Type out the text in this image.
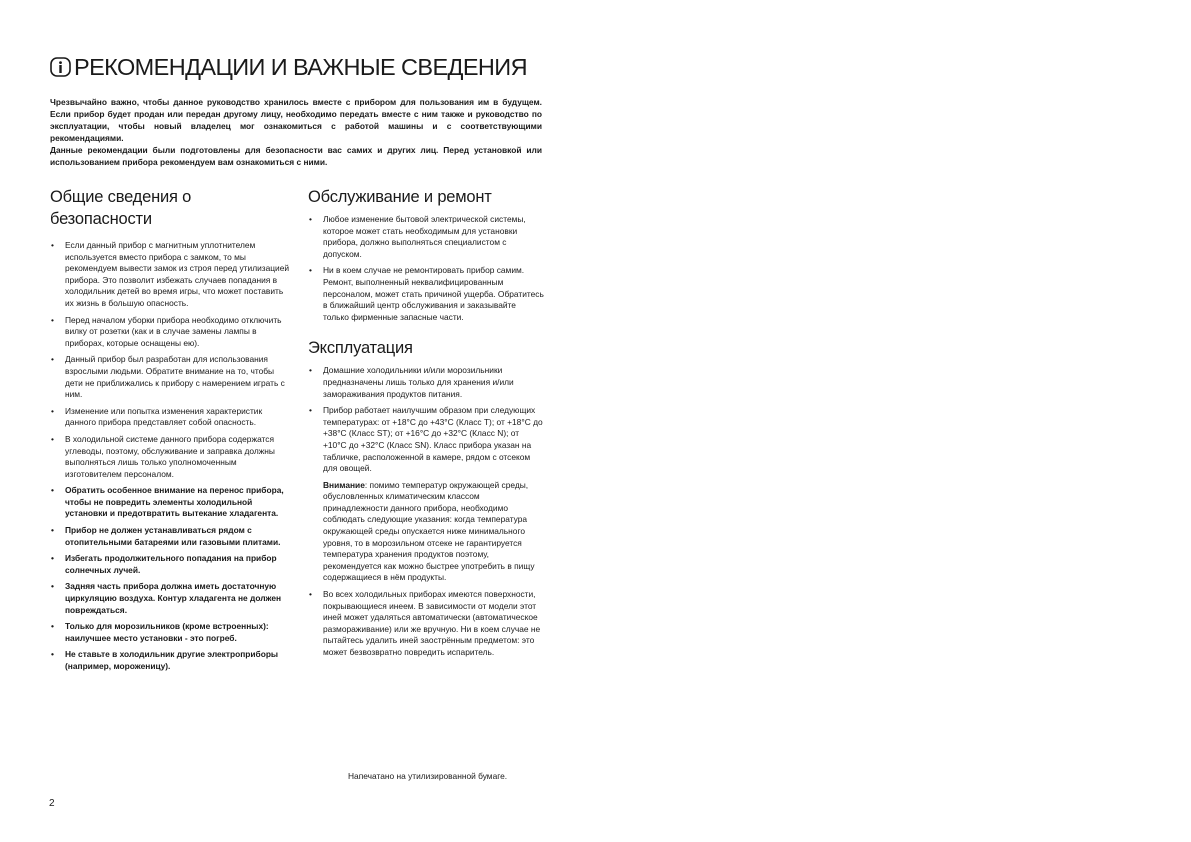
РЕКОМЕНДАЦИИ И ВАЖНЫЕ СВЕДЕНИЯ

Чрезвычайно важно, чтобы данное руководство хранилось вместе с прибором для пользования им в будущем. Если прибор будет продан или передан другому лицу, необходимо передать вместе с ним также и руководство по эксплуатации, чтобы новый владелец мог ознакомиться с работой машины и с соответствующими рекомендациями.

Данные рекомендации были подготовлены для безопасности вас самих и других лиц. Перед установкой или использованием прибора рекомендуем вам ознакомиться с ними.

Общие сведения о безопасности
• Если данный прибор с магнитным уплотнителем используется вместо прибора с замком, то мы рекомендуем вывести замок из строя перед утилизацией прибора. Это позволит избежать случаев попадания в холодильник детей во время игры, что может поставить их жизнь в большую опасность.
• Перед началом уборки прибора необходимо отключить вилку от розетки (как и в случае замены лампы в приборах, которые оснащены ею).
• Данный прибор был разработан для использования взрослыми людьми. Обратите внимание на то, чтобы дети не приближались к прибору с намерением играть с ним.
• Изменение или попытка изменения характеристик данного прибора представляет собой опасность.
• В холодильной системе данного прибора содержатся углеводы, поэтому, обслуживание и заправка должны выполняться лишь только уполномоченным изготовителем персоналом.
• Обратить особенное внимание на перенос прибора, чтобы не повредить элементы холодильной установки и предотвратить вытекание хладагента.
• Прибор не должен устанавливаться рядом с отопительными батареями или газовыми плитами.
• Избегать продолжительного попадания на прибор солнечных лучей.
• Задняя часть прибора должна иметь достаточную циркуляцию воздуха. Контур хладагента не должен повреждаться.
• Только для морозильников (кроме встроенных): наилучшее место установки - это погреб.
• Не ставьте в холодильник другие электроприборы (например, мороженицу).
Обслуживание и ремонт
• Любое изменение бытовой электрической системы, которое может стать необходимым для установки прибора, должно выполняться специалистом с допуском.
• Ни в коем случае не ремонтировать прибор самим. Ремонт, выполненный неквалифицированным персоналом, может стать причиной ущерба. Обратитесь в ближайший центр обслуживания и заказывайте только фирменные запасные части.
Эксплуатация
• Домашние холодильники и/или морозильники предназначены лишь только для хранения и/или замораживания продуктов питания.
• Прибор работает наилучшим образом при следующих температурах: от +18°C до +43°C (Класс T); от +18°C до +38°C (Класс ST); от +16°C до +32°C (Класс N); от +10°C до +32°C (Класс SN). Класс прибора указан на табличке, расположенной в камере, рядом с отсеком для овощей.
Внимание: помимо температур окружающей среды, обусловленных климатическим классом принадлежности данного прибора, необходимо соблюдать следующие указания: когда температура окружающей среды опускается ниже минимального уровня, то в морозильном отсеке не гарантируется температура хранения продуктов поэтому, рекомендуется как можно быстрее употребить в пищу содержащиеся в нём продукты.
• Во всех холодильных приборах имеются поверхности, покрывающиеся инеем. В зависимости от модели этот иней может удаляться автоматически (автоматическое размораживание) или же вручную. Ни в коем случае не пытайтесь удалить иней заострённым предметом: это может безвозвратно повредить испаритель.
Напечатано на утилизированной бумаге.
2
